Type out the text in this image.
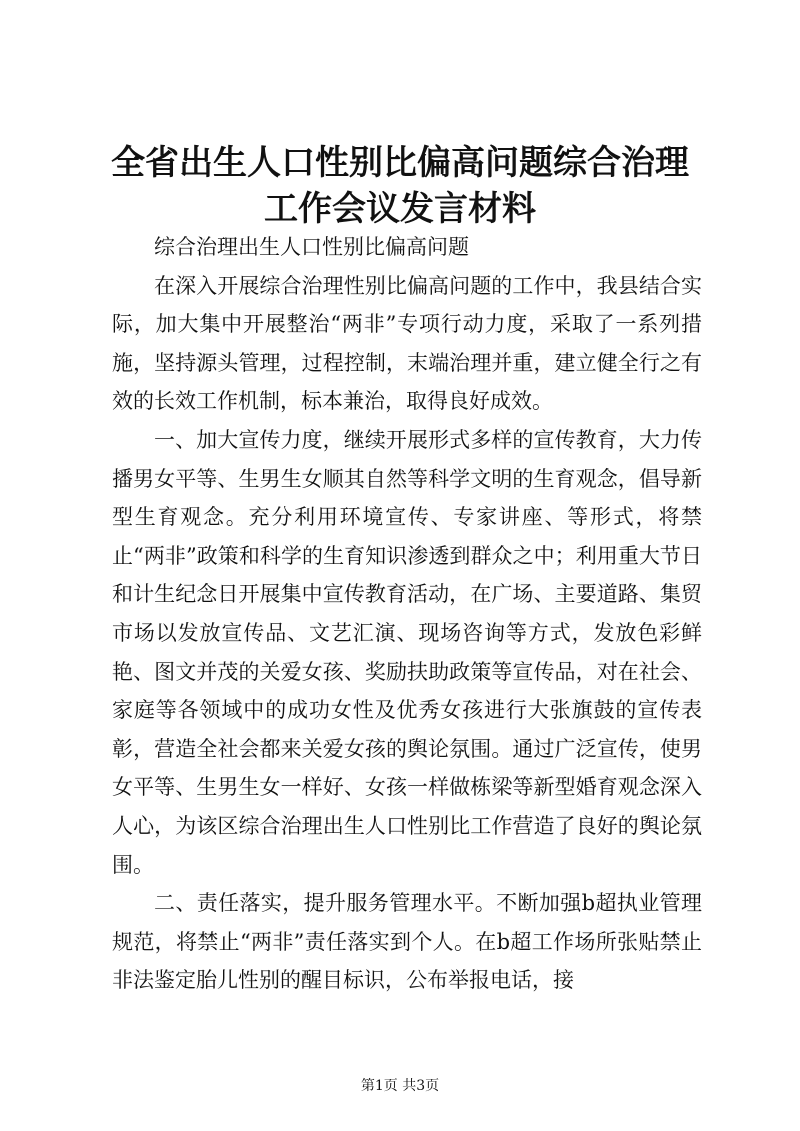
全省出生人口性别比偏高问题综合治理工作会议发言材料

综合治理出生人口性别比偏高问题

在深入开展综合治理性别比偏高问题的工作中，我县结合实际，加大集中开展整治“两非”专项行动力度，采取了一系列措施，坚持源头管理，过程控制，末端治理并重，建立健全行之有效的长效工作机制，标本兼治，取得良好成效。

一、加大宣传力度，继续开展形式多样的宣传教育，大力传播男女平等、生男生女顺其自然等科学文明的生育观念，倡导新型生育观念。充分利用环境宣传、专家讲座、等形式，将禁止“两非”政策和科学的生育知识渗透到群众之中；利用重大节日和计生纪念日开展集中宣传教育活动，在广场、主要道路、集贸市场以发放宣传品、文艺汇演、现场咨询等方式，发放色彩鲜艳、图文并茂的关爱女孩、奖励扶助政策等宣传品，对在社会、家庭等各领域中的成功女性及优秀女孩进行大张旗鼓的宣传表彰，营造全社会都来关爱女孩的舆论氛围。通过广泛宣传，使男女平等、生男生女一样好、女孩一样做栋梁等新型婚育观念深入人心，为该区综合治理出生人口性别比工作营造了良好的舆论氛围。

二、责任落实，提升服务管理水平。不断加强b超执业管理规范，将禁止“两非”责任落实到个人。在b超工作场所张贴禁止非法鉴定胎儿性别的醒目标识，公布举报电话，接

第1页 共3页
